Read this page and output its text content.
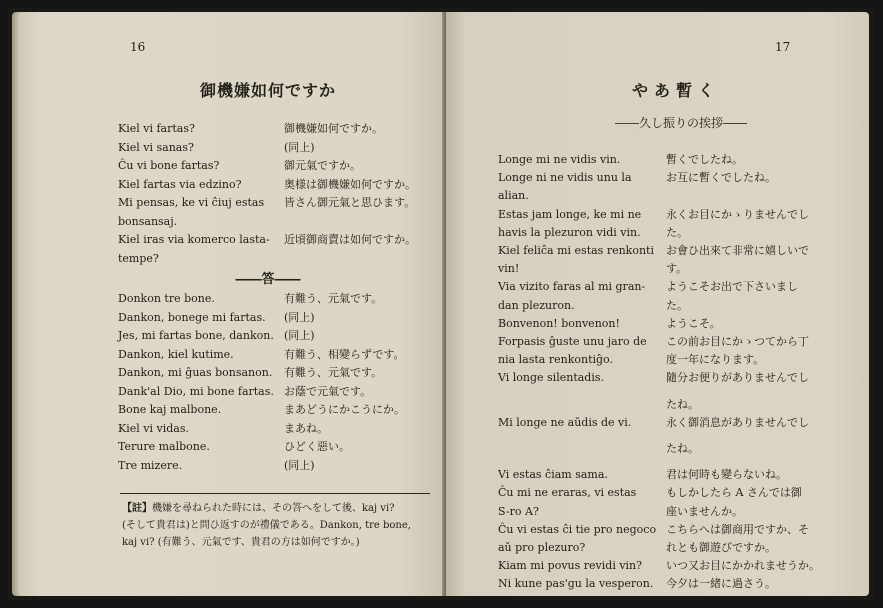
16
御機嫌如何ですか
Kiel vi fartas?	御機嫌如何ですか。
Kiel vi sanas?	(同上)
Ĉu vi bone fartas?	御元氣ですか。
Kiel fartas via edzino?	奥様は御機嫌如何ですか。
Mi pensas, ke vi ĉiuj estas	皆さん御元氣と思ひます。
bonsansaj.
Kiel iras via komerco lasta-	近頃御商賣は如何ですか。
tempe?
――答――
Donkon tre bone.	有難う、元氣です。
Dankon, bonege mi fartas.	(同上)
Jes, mi fartas bone, dankon. (同上)
Dankon, kiel kutime.	有難う、相變らずです。
Dankon, mi ĝuas bonsanon.	有難う、元氣です。
Dank'al Dio, mi bone fartas. お蔭で元氣です。
Bone kaj malbone.	まあどうにかこうにか。
Kiel vi vidas.	まあね。
Terure malbone.	ひどく惡い。
Tre mizere.	(同上)
【註】機嫌を尋ねられた時には、その答へをして後、kaj vi?
(そして貴君は)と問ひ返すのが禮儀である。Dankon, tre bone,
kaj vi? (有難う、元氣です、貴君の方は如何ですか。)
17
やあ暫く
――久し振りの挨拶――
Longe mi ne vidis vin.	暫くでしたね。
Longe ni ne vidis unu la	お互に暫くでしたね。
alian.
Estas jam longe, ke mi ne	永くお目にかゝりませんでし
havis la plezuron vidi vin.	た。
Kiel feliĉa mi estas renkonti	お會ひ出來て非常に嬉しいで
vin!	す。
Via vizito faras al mi gran-	ようこそお出で下さいまし
dan plezuron.	た。
Bonvenon! bonvenon!	ようこそ。
Forpasis ĝuste unu jaro de	この前お目にかゝつてから丁
nia lasta renkontiĝo.	度一年になります。
Vi longe silentadis.	隨分お便りがありませんでし
たね。
Mi longe ne aŭdis de vi.	永く御消息がありませんでし
たね。
Vi estas ĉiam sama.	君は何時も變らないね。
Ĉu mi ne eraras, vi estas	もしかしたら A さんでは御
S-ro A?	座いませんか。
Ĉu vi estas ĉi tie pro negoco こちらへは御商用ですか、そ
aŭ pro plezuro?	れとも御遊びですか。
Kiam mi povus revidi vin?	いつ又お目にかかれませうか。
Ni kune pas'gu la vesperon.	今夕は一緒に過さう。
